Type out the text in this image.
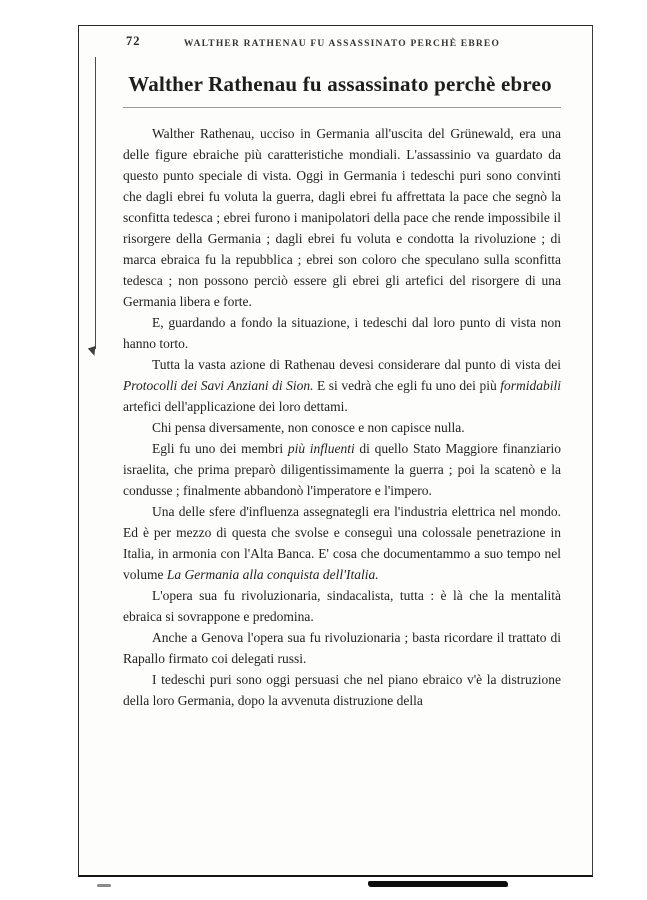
72	WALTHER RATHENAU FU ASSASSINATO PERCHÈ EBREO
Walther Rathenau fu assassinato perchè ebreo

Walther Rathenau, ucciso in Germania all'uscita del Grünewald, era una delle figure ebraiche più caratteristiche mondiali. L'assassinio va guardato da questo punto speciale di vista. Oggi in Germania i tedeschi puri sono convinti che dagli ebrei fu voluta la guerra, dagli ebrei fu affrettata la pace che segnò la sconfitta tedesca ; ebrei furono i manipolatori della pace che rende impossibile il risorgere della Germania ; dagli ebrei fu voluta e condotta la rivoluzione ; di marca ebraica fu la repubblica ; ebrei son coloro che speculano sulla sconfitta tedesca ; non possono perciò essere gli ebrei gli artefici del risorgere di una Germania libera e forte.

E, guardando a fondo la situazione, i tedeschi dal loro punto di vista non hanno torto.

Tutta la vasta azione di Rathenau devesi considerare dal punto di vista dei Protocolli dei Savi Anziani di Sion. E si vedrà che egli fu uno dei più formidabili artefici dell'applicazione dei loro dettami.

Chi pensa diversamente, non conosce e non capisce nulla.

Egli fu uno dei membri più influenti di quello Stato Maggiore finanziario israelita, che prima preparò diligentissimamente la guerra ; poi la scatenò e la condusse ; finalmente abbandonò l'imperatore e l'impero.

Una delle sfere d'influenza assegnategli era l'industria elettrica nel mondo. Ed è per mezzo di questa che svolse e conseguì una colossale penetrazione in Italia, in armonia con l'Alta Banca. E' cosa che documentammo a suo tempo nel volume La Germania alla conquista dell'Italia.

L'opera sua fu rivoluzionaria, sindacalista, tutta : è là che la mentalità ebraica si sovrappone e predomina.

Anche a Genova l'opera sua fu rivoluzionaria ; basta ricordare il trattato di Rapallo firmato coi delegati russi.

I tedeschi puri sono oggi persuasi che nel piano ebraico v'è la distruzione della loro Germania, dopo la avvenuta distruzione della
